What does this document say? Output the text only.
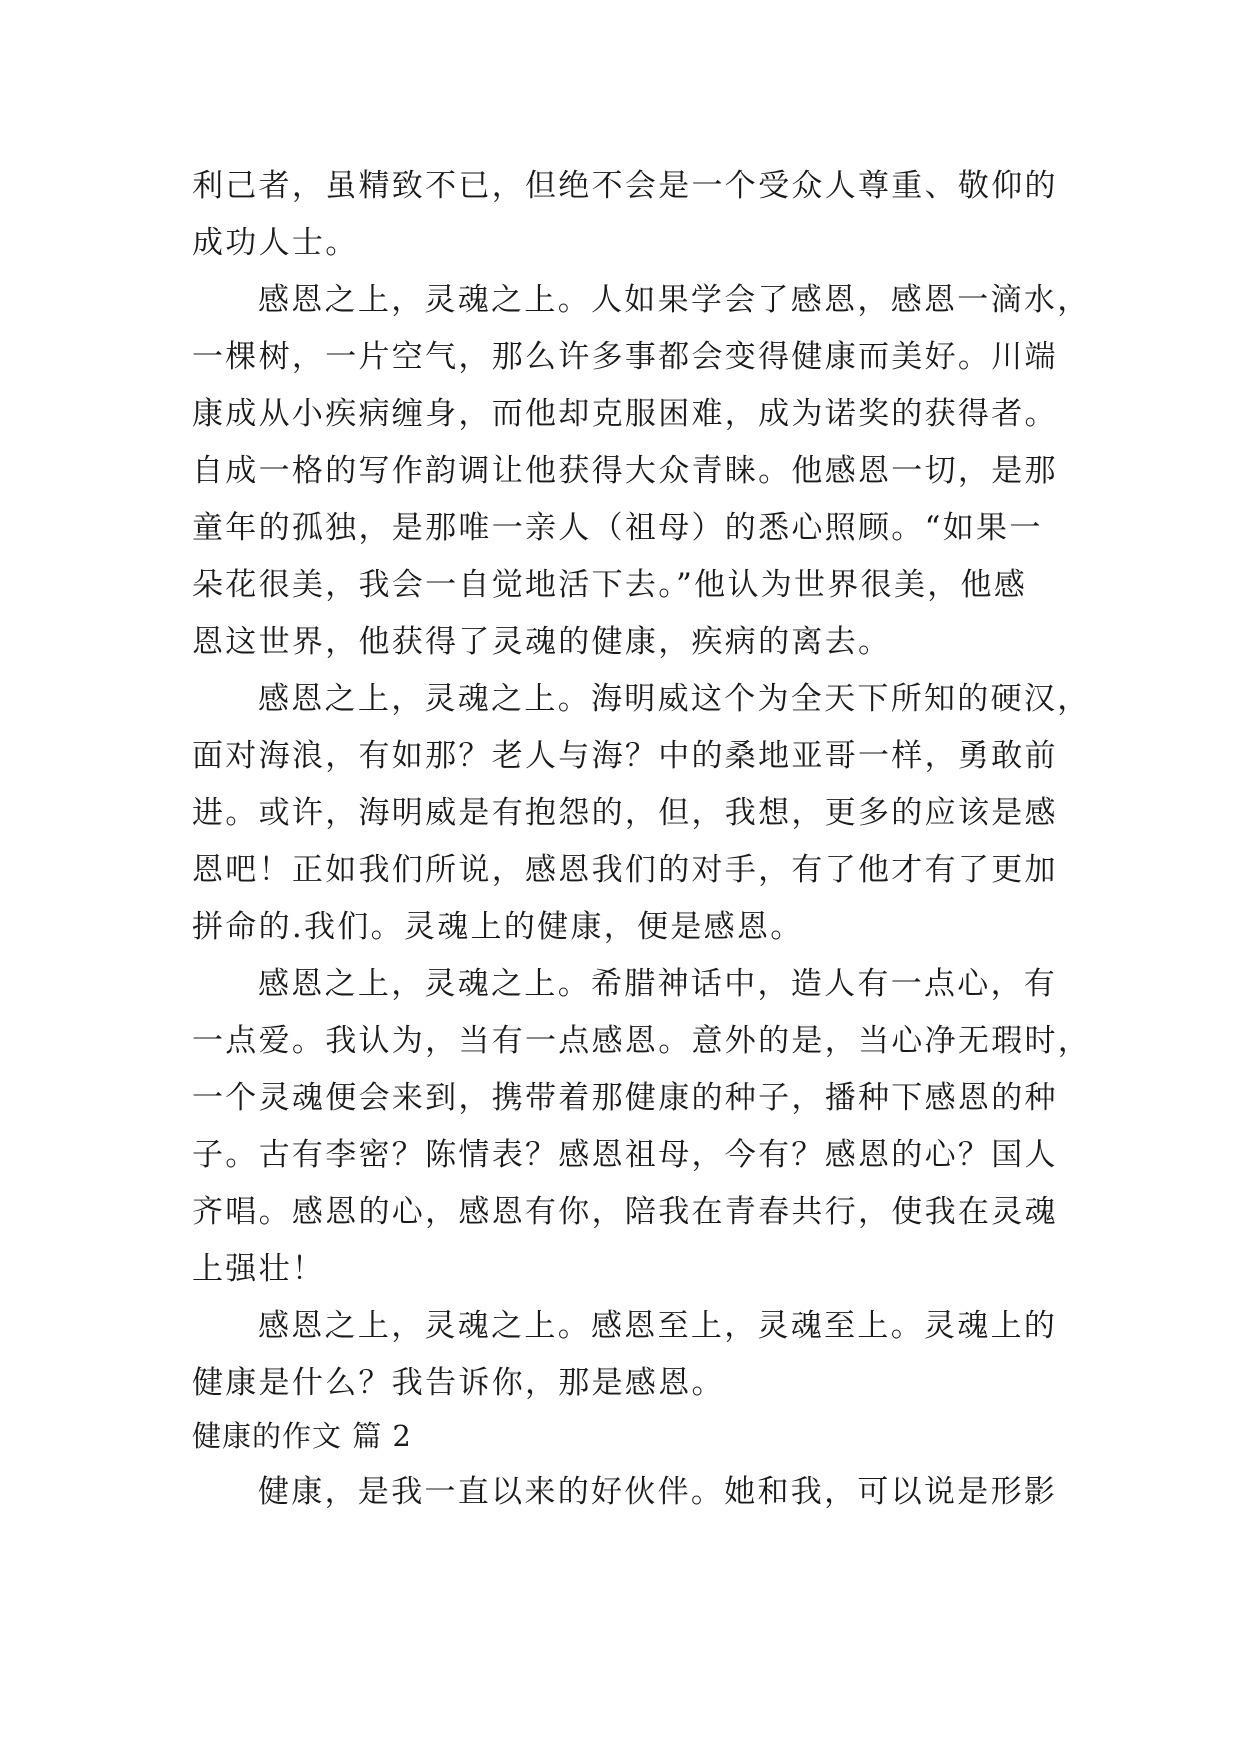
利己者，虽精致不已，但绝不会是一个受众人尊重、敬仰的
成功人士。
感恩之上，灵魂之上。人如果学会了感恩，感恩一滴水，
一棵树，一片空气，那么许多事都会变得健康而美好。川端
康成从小疾病缠身，而他却克服困难，成为诺奖的获得者。
自成一格的写作韵调让他获得大众青睐。他感恩一切，是那
童年的孤独，是那唯一亲人（祖母）的悉心照顾。“如果一
朵花很美，我会一自觉地活下去。”他认为世界很美，他感
恩这世界，他获得了灵魂的健康，疾病的离去。
感恩之上，灵魂之上。海明威这个为全天下所知的硬汉，
面对海浪，有如那？老人与海？中的桑地亚哥一样，勇敢前
进。或许，海明威是有抱怨的，但，我想，更多的应该是感
恩吧！正如我们所说，感恩我们的对手，有了他才有了更加
拼命的.我们。灵魂上的健康，便是感恩。
感恩之上，灵魂之上。希腊神话中，造人有一点心，有
一点爱。我认为，当有一点感恩。意外的是，当心净无瑕时，
一个灵魂便会来到，携带着那健康的种子，播种下感恩的种
子。古有李密？陈情表？感恩祖母，今有？感恩的心？国人
齐唱。感恩的心，感恩有你，陪我在青春共行，使我在灵魂
上强壮！
感恩之上，灵魂之上。感恩至上，灵魂至上。灵魂上的
健康是什么？我告诉你，那是感恩。
健康的作文 篇 2
健康，是我一直以来的好伙伴。她和我，可以说是形影
